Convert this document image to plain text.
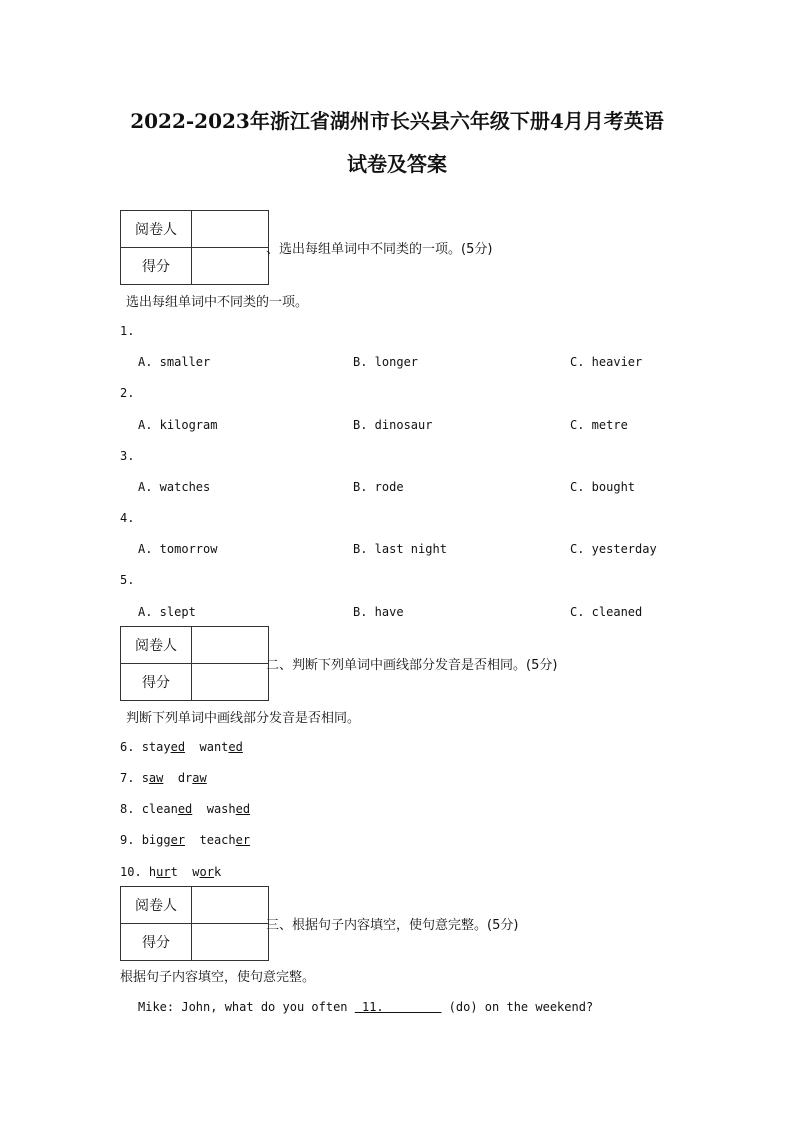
2022-2023年浙江省湖州市长兴县六年级下册4月月考英语
试卷及答案
阅卷人	
得分	
、选出每组单词中不同类的一项。(5分)
选出每组单词中不同类的一项。
1.
A. smaller	B. longer	C. heavier
2.
A. kilogram	B. dinosaur	C. metre
3.
A. watches	B. rode	C. bought
4.
A. tomorrow	B. last night	C. yesterday
5.
A. slept	B. have	C. cleaned
阅卷人	
得分	
二、判断下列单词中画线部分发音是否相同。(5分)
判断下列单词中画线部分发音是否相同。
6. stayed wanted
7. saw draw
8. cleaned washed
9. bigger teacher
10. hurt work
阅卷人	
得分	
三、根据句子内容填空，使句意完整。(5分)
根据句子内容填空，使句意完整。
Mike: John, what do you often  11.         (do) on the weekend?
